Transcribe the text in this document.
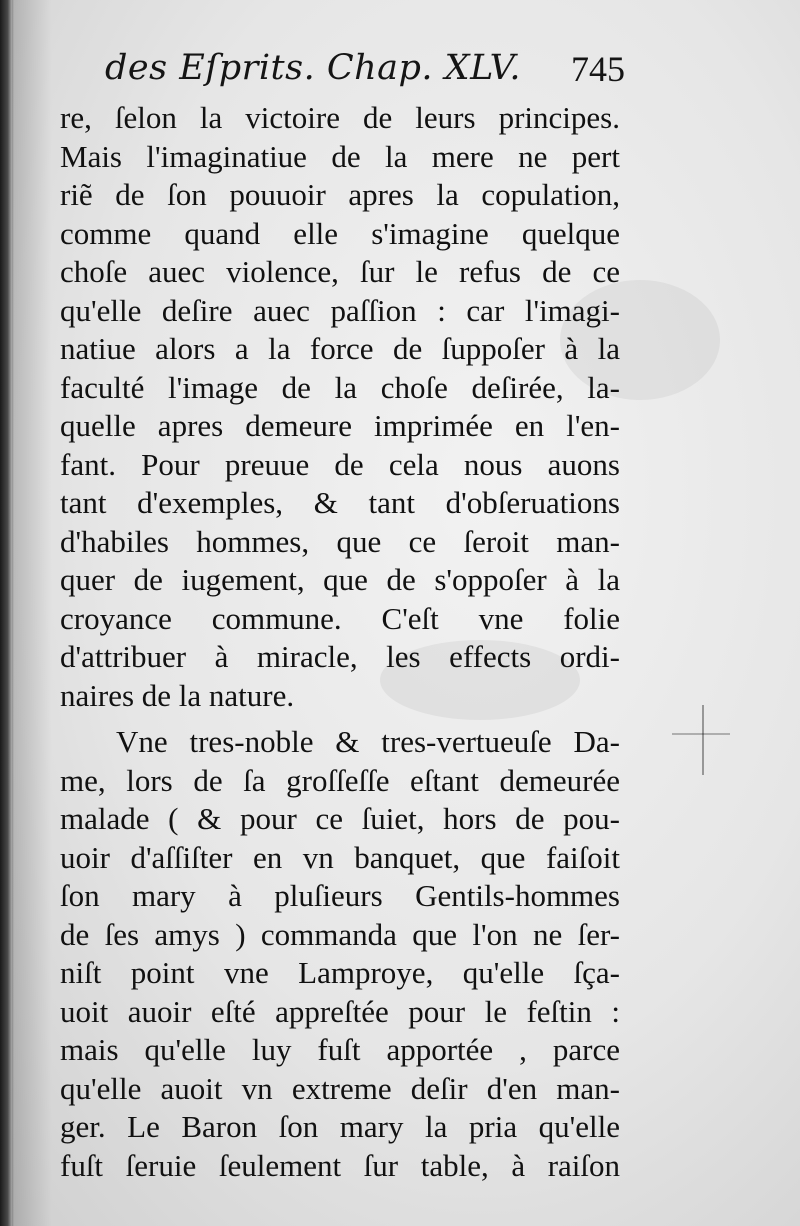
des Eſprits. Chap. XLV. 745
re, ſelon la victoire de leurs principes.
Mais l'imaginatiue de la mere ne pert
riẽ de ſon pouuoir apres la copulation,
comme quand elle s'imagine quelque
choſe auec violence, ſur le refus de ce
qu'elle deſire auec paſſion : car l'imagi-
natiue alors a la force de ſuppoſer à la
faculté l'image de la choſe deſirée, la-
quelle apres demeure imprimée en l'en-
fant. Pour preuue de cela nous auons
tant d'exemples, & tant d'obſeruations
d'habiles hommes, que ce ſeroit man-
quer de iugement, que de s'oppoſer à la
croyance commune. C'eſt vne folie
d'attribuer à miracle, les effects ordi-
naires de la nature.
Vne tres-noble & tres-vertueuſe Da-
me, lors de ſa groſſeſſe eſtant demeurée
malade ( & pour ce ſuiet, hors de pou-
uoir d'aſſiſter en vn banquet, que faiſoit
ſon mary à pluſieurs Gentils-hommes
de ſes amys ) commanda que l'on ne ſer-
niſt point vne Lamproye, qu'elle ſça-
uoit auoir eſté appreſtée pour le feſtin :
mais qu'elle luy fuſt apportée , parce
qu'elle auoit vn extreme deſir d'en man-
ger. Le Baron ſon mary la pria qu'elle
fuſt ſeruie ſeulement ſur table, à raiſon
